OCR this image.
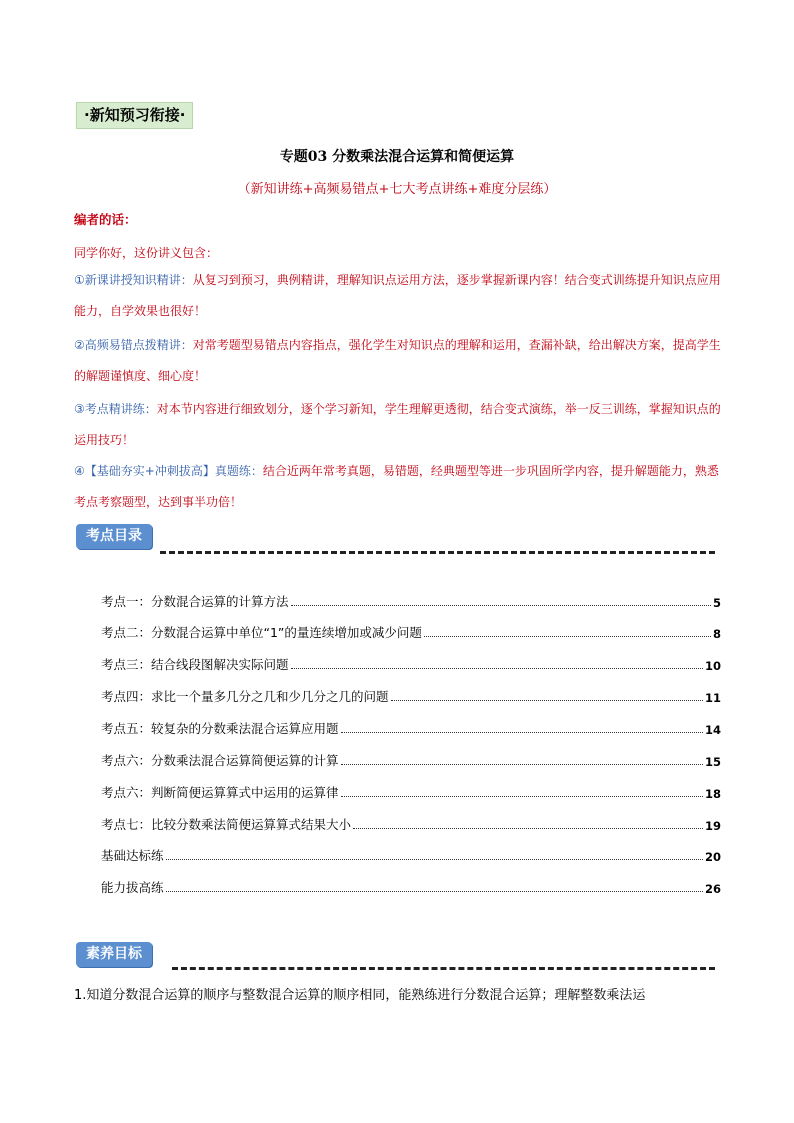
·新知预习衔接·
专题03 分数乘法混合运算和简便运算
（新知讲练+高频易错点+七大考点讲练+难度分层练）
编者的话：
同学你好，这份讲义包含：
①新课讲授知识精讲：从复习到预习，典例精讲，理解知识点运用方法，逐步掌握新课内容！结合变式训练提升知识点应用能力，自学效果也很好！
②高频易错点拨精讲：对常考题型易错点内容指点，强化学生对知识点的理解和运用，查漏补缺，给出解决方案，提高学生的解题谨慎度、细心度！
③考点精讲练：对本节内容进行细致划分，逐个学习新知，学生理解更透彻，结合变式演练，举一反三训练，掌握知识点的运用技巧！
④【基础夯实+冲刺拔高】真题练：结合近两年常考真题，易错题，经典题型等进一步巩固所学内容，提升解题能力，熟悉考点考察题型，达到事半功倍！
考点目录
考点一：分数混合运算的计算方法	5
考点二：分数混合运算中单位“1”的量连续增加或减少问题	8
考点三：结合线段图解决实际问题	10
考点四：求比一个量多几分之几和少几分之几的问题	11
考点五：较复杂的分数乘法混合运算应用题	14
考点六：分数乘法混合运算简便运算的计算	15
考点六：判断简便运算算式中运用的运算律	18
考点七：比较分数乘法简便运算算式结果大小	19
基础达标练	20
能力拔高练	26
素养目标
1.知道分数混合运算的顺序与整数混合运算的顺序相同，能熟练进行分数混合运算；理解整数乘法运
